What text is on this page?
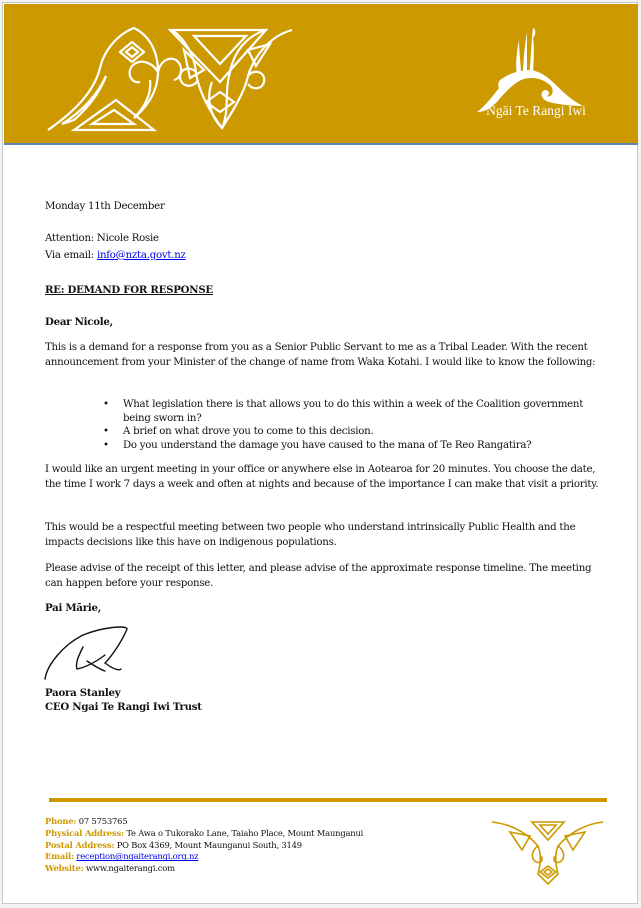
Ngāi Te Rangi Iwi
Monday 11th December
Attention: Nicole Rosie
Via email: info@nzta.govt.nz
RE: DEMAND FOR RESPONSE
Dear Nicole,
This is a demand for a response from you as a Senior Public Servant to me as a Tribal Leader. With the recent announcement from your Minister of the change of name from Waka Kotahi. I would like to know the following:
• What legislation there is that allows you to do this within a week of the Coalition government being sworn in?
• A brief on what drove you to come to this decision.
• Do you understand the damage you have caused to the mana of Te Reo Rangatira?
I would like an urgent meeting in your office or anywhere else in Aotearoa for 20 minutes. You choose the date, the time I work 7 days a week and often at nights and because of the importance I can make that visit a priority.
This would be a respectful meeting between two people who understand intrinsically Public Health and the impacts decisions like this have on indigenous populations.
Please advise of the receipt of this letter, and please advise of the approximate response timeline. The meeting can happen before your response.
Pai Mārie,
Paora Stanley
CEO Ngai Te Rangi Iwi Trust
Phone: 07 5753765
Physical Address: Te Awa o Tukorako Lane, Taiaho Place, Mount Maunganui
Postal Address: PO Box 4369, Mount Maunganui South, 3149
Email: reception@ngaiterangi.org.nz
Website: www.ngaiterangi.com
